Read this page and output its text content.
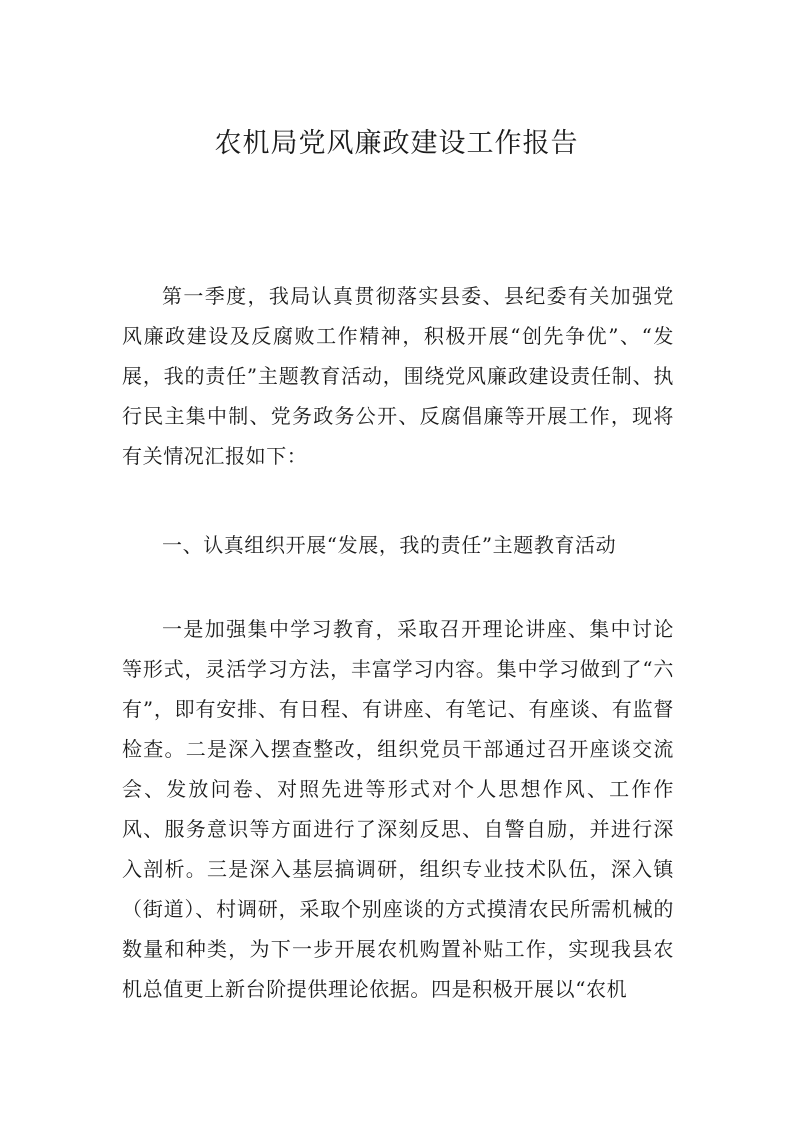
农机局党风廉政建设工作报告

第一季度，我局认真贯彻落实县委、县纪委有关加强党风廉政建设及反腐败工作精神，积极开展“创先争优”、“发展，我的责任”主题教育活动，围绕党风廉政建设责任制、执行民主集中制、党务政务公开、反腐倡廉等开展工作，现将有关情况汇报如下：

一、认真组织开展“发展，我的责任”主题教育活动

一是加强集中学习教育，采取召开理论讲座、集中讨论等形式，灵活学习方法，丰富学习内容。集中学习做到了“六有”，即有安排、有日程、有讲座、有笔记、有座谈、有监督检查。二是深入摆查整改，组织党员干部通过召开座谈交流会、发放问卷、对照先进等形式对个人思想作风、工作作风、服务意识等方面进行了深刻反思、自警自励，并进行深入剖析。三是深入基层搞调研，组织专业技术队伍，深入镇（街道）、村调研，采取个别座谈的方式摸清农民所需机械的数量和种类，为下一步开展农机购置补贴工作，实现我县农机总值更上新台阶提供理论依据。四是积极开展以“农机
